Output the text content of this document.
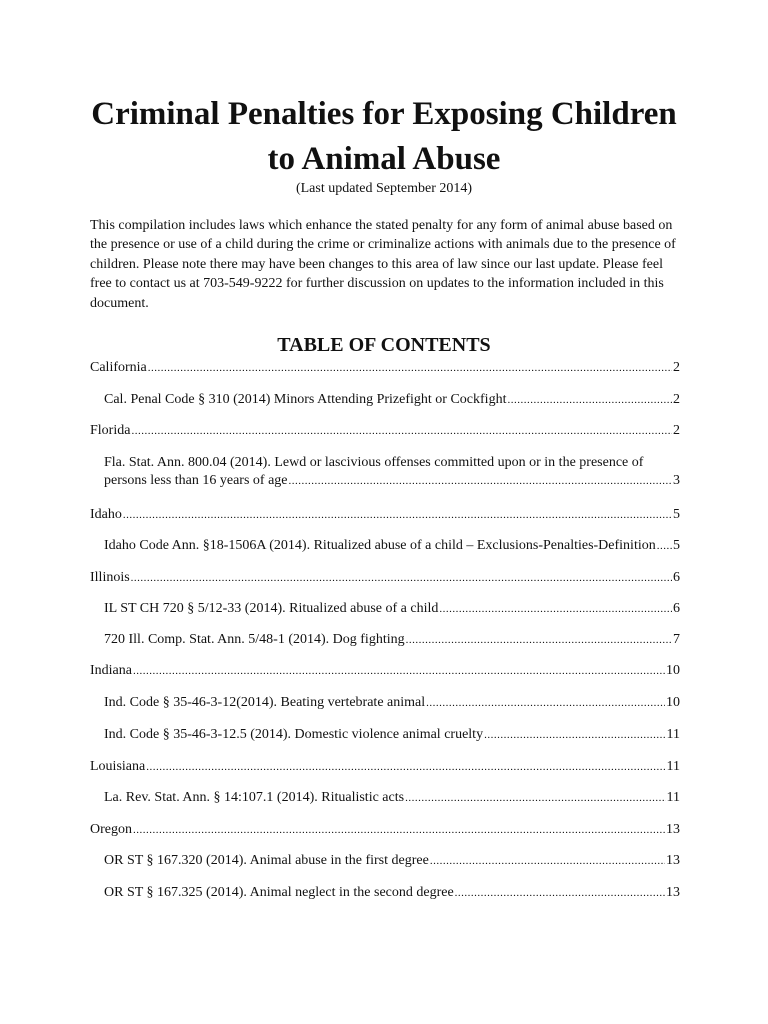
Criminal Penalties for Exposing Children
to Animal Abuse
(Last updated September 2014)

This compilation includes laws which enhance the stated penalty for any form of animal abuse based on the presence or use of a child during the crime or criminalize actions with animals due to the presence of children. Please note there may have been changes to this area of law since our last update. Please feel free to contact us at 703-549-9222 for further discussion on updates to the information included in this document.

TABLE OF CONTENTS
California .....	2
Cal. Penal Code § 310 (2014) Minors Attending Prizefight or Cockfight .....	2
Florida .....	2
Fla. Stat. Ann. 800.04 (2014). Lewd or lascivious offenses committed upon or in the presence of
persons less than 16 years of age .....	3
Idaho .....	5
Idaho Code Ann. §18-1506A (2014). Ritualized abuse of a child – Exclusions-Penalties-Definition ..... 5
Illinois .....	6
IL ST CH 720 § 5/12-33 (2014). Ritualized abuse of a child .....	6
720 Ill. Comp. Stat. Ann. 5/48-1 (2014). Dog fighting .....	7
Indiana .....	10
Ind. Code § 35-46-3-12(2014). Beating vertebrate animal .....	10
Ind. Code § 35-46-3-12.5 (2014). Domestic violence animal cruelty .....	11
Louisiana .....	11
La. Rev. Stat. Ann. § 14:107.1 (2014). Ritualistic acts .....	11
Oregon .....	13
OR ST § 167.320 (2014). Animal abuse in the first degree .....	13
OR ST § 167.325 (2014). Animal neglect in the second degree .....	13
